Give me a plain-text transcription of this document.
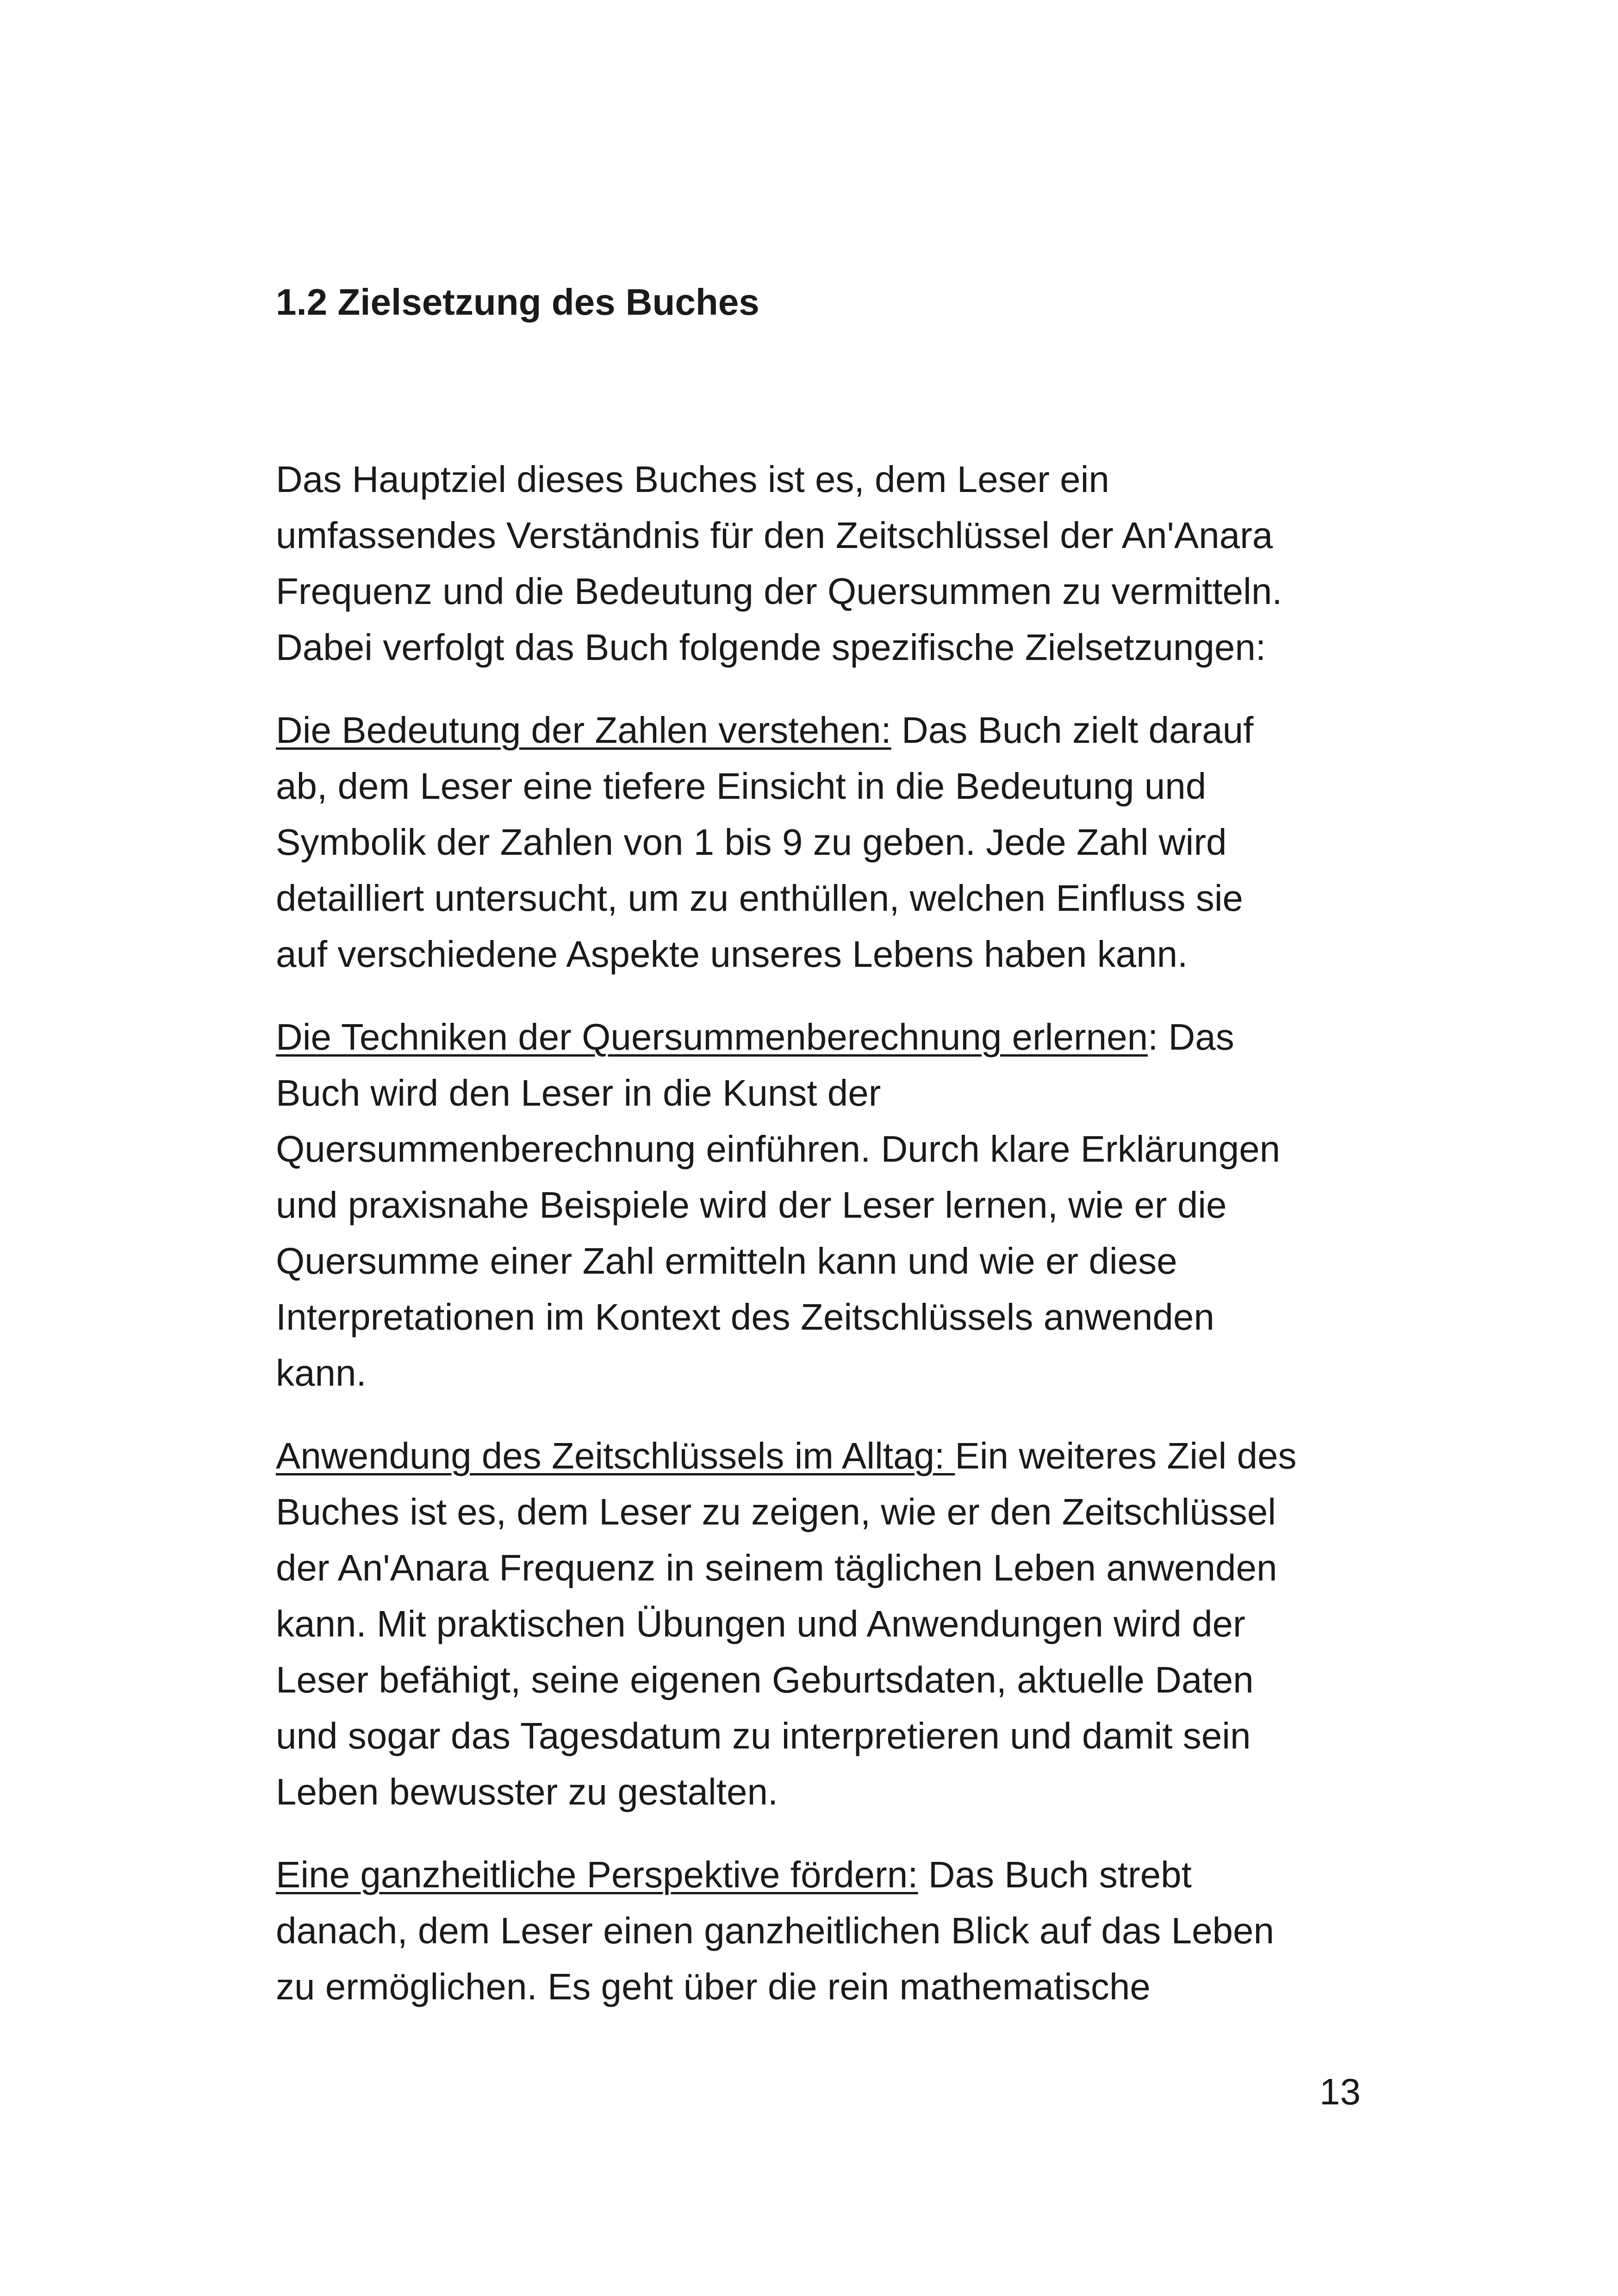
1.2 Zielsetzung des Buches

Das Hauptziel dieses Buches ist es, dem Leser ein
umfassendes Verständnis für den Zeitschlüssel der An'Anara
Frequenz und die Bedeutung der Quersummen zu vermitteln.
Dabei verfolgt das Buch folgende spezifische Zielsetzungen:

Die Bedeutung der Zahlen verstehen: Das Buch zielt darauf
ab, dem Leser eine tiefere Einsicht in die Bedeutung und
Symbolik der Zahlen von 1 bis 9 zu geben. Jede Zahl wird
detailliert untersucht, um zu enthüllen, welchen Einfluss sie
auf verschiedene Aspekte unseres Lebens haben kann.

Die Techniken der Quersummenberechnung erlernen: Das
Buch wird den Leser in die Kunst der
Quersummenberechnung einführen. Durch klare Erklärungen
und praxisnahe Beispiele wird der Leser lernen, wie er die
Quersumme einer Zahl ermitteln kann und wie er diese
Interpretationen im Kontext des Zeitschlüssels anwenden
kann.

Anwendung des Zeitschlüssels im Alltag: Ein weiteres Ziel des
Buches ist es, dem Leser zu zeigen, wie er den Zeitschlüssel
der An'Anara Frequenz in seinem täglichen Leben anwenden
kann. Mit praktischen Übungen und Anwendungen wird der
Leser befähigt, seine eigenen Geburtsdaten, aktuelle Daten
und sogar das Tagesdatum zu interpretieren und damit sein
Leben bewusster zu gestalten.

Eine ganzheitliche Perspektive fördern: Das Buch strebt
danach, dem Leser einen ganzheitlichen Blick auf das Leben
zu ermöglichen. Es geht über die rein mathematische

13
